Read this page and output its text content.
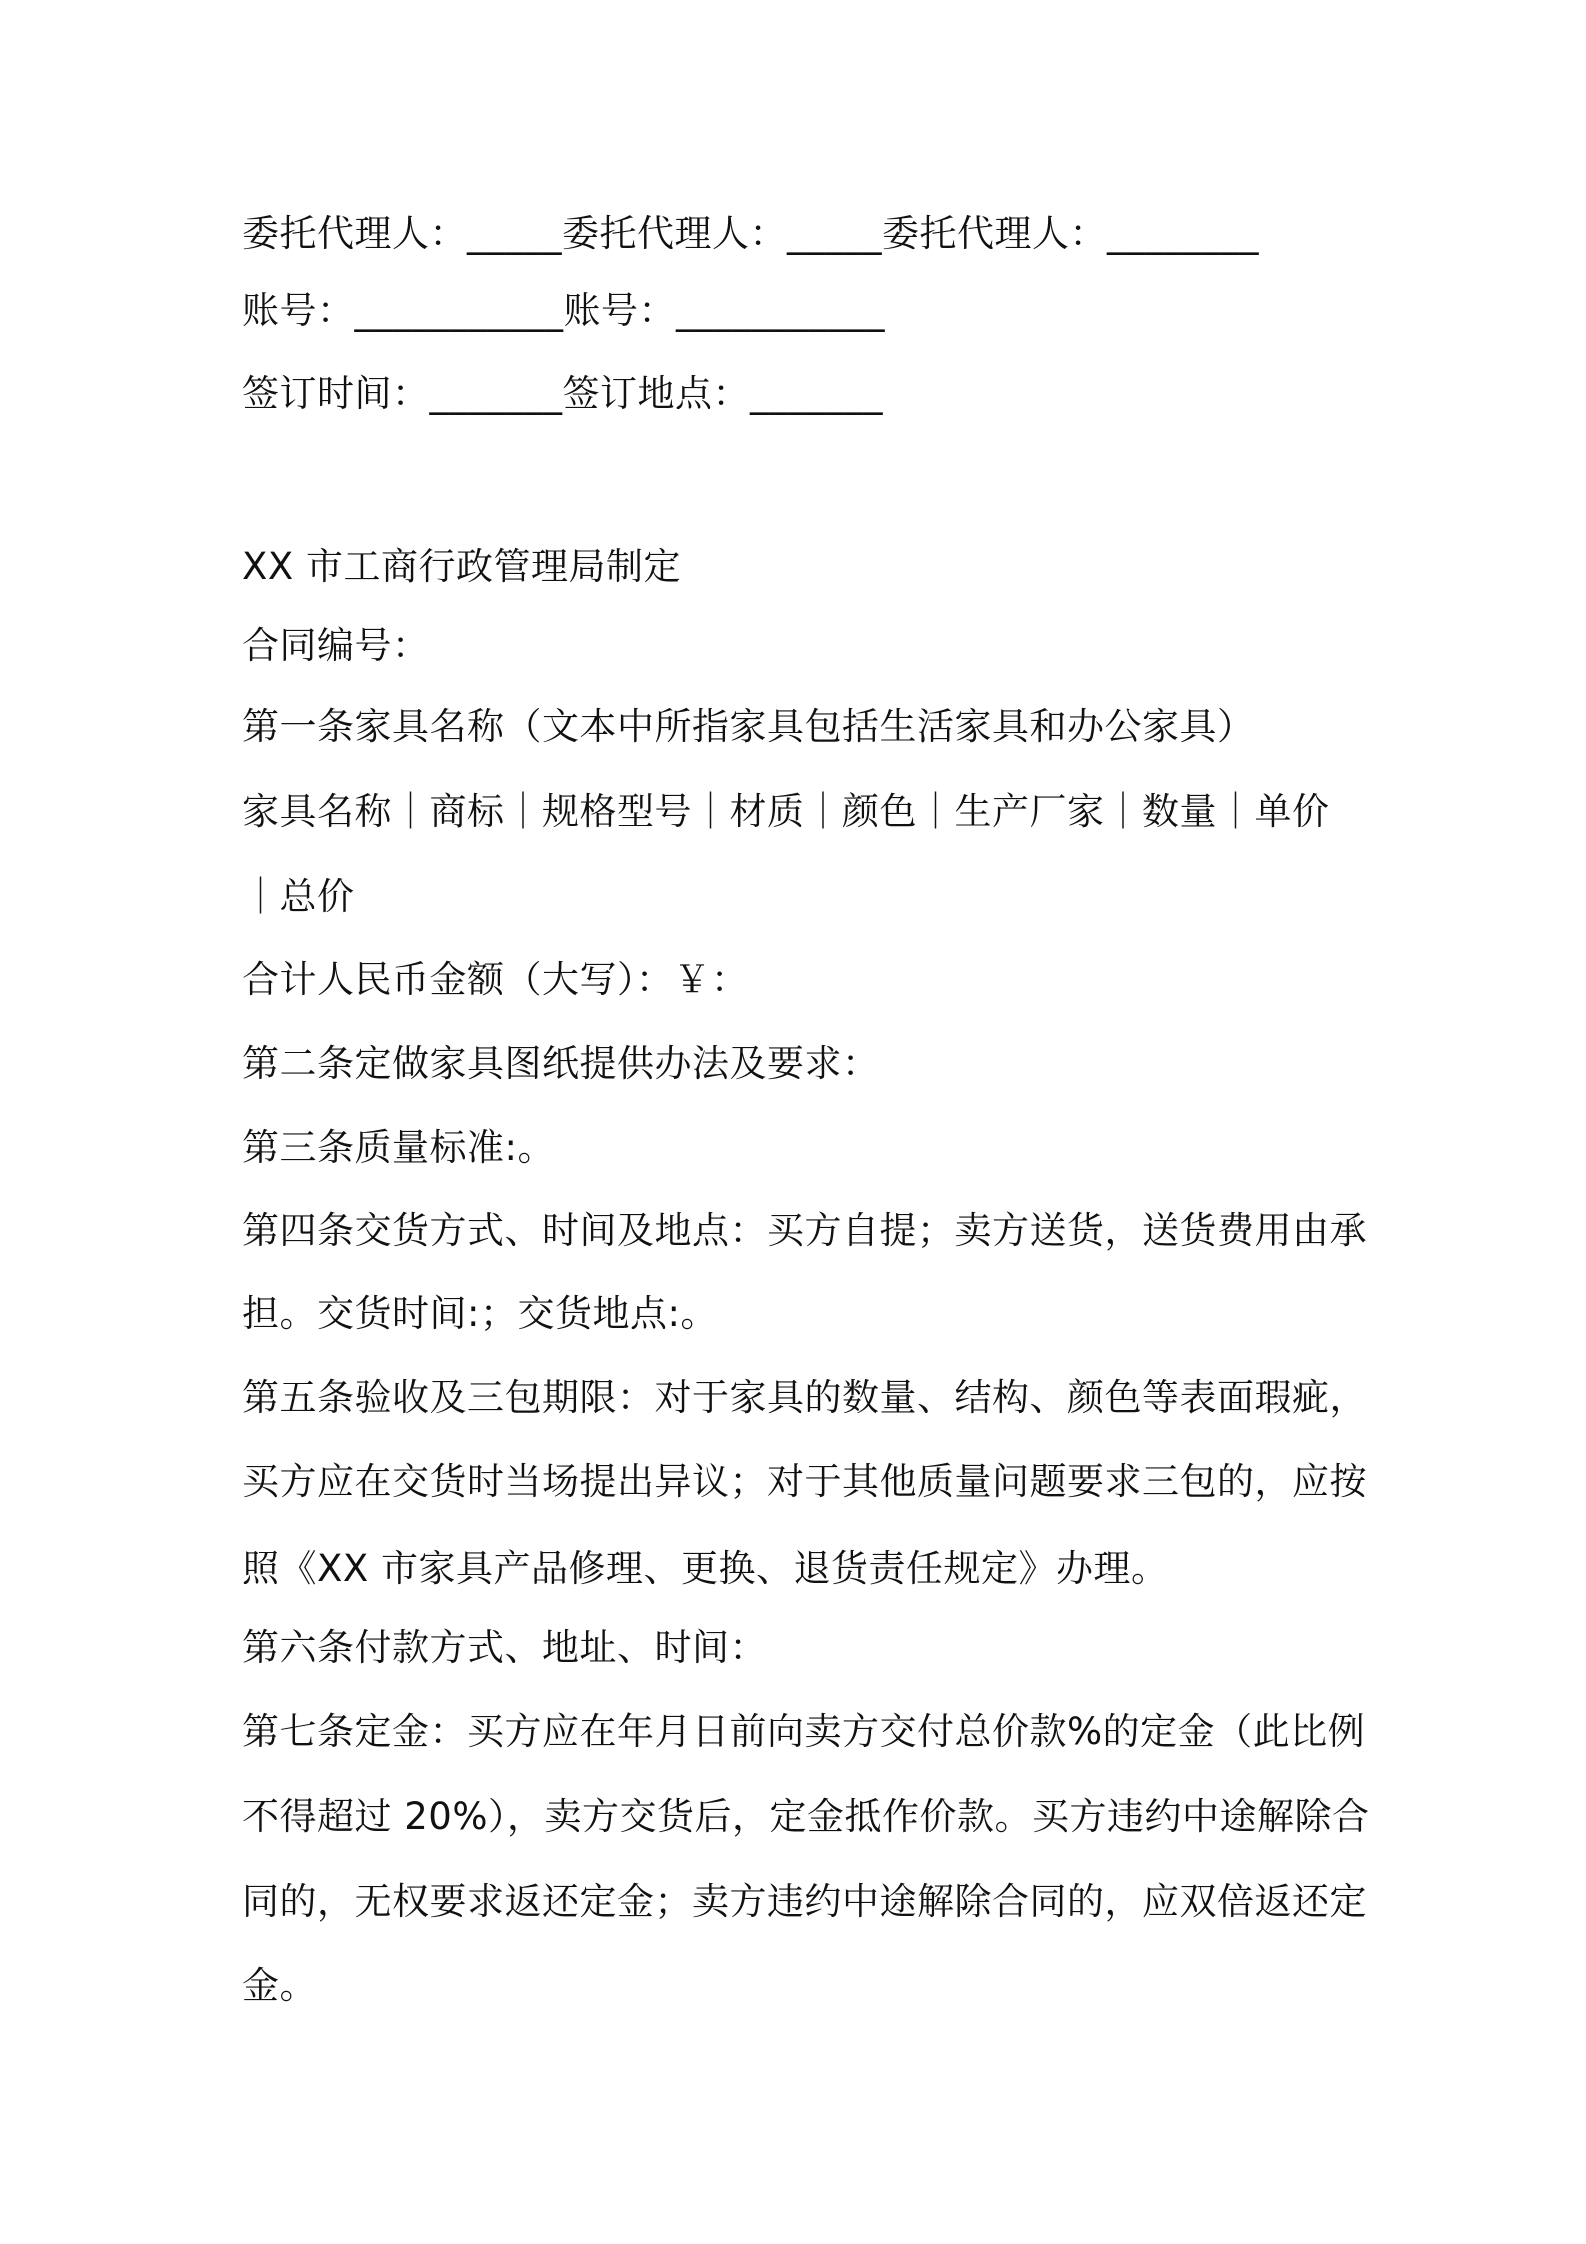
委托代理人：_____委托代理人：_____委托代理人：________
账号：___________账号：___________
签订时间：_______签订地点：_______
XX 市工商行政管理局制定
合同编号：
第一条家具名称（文本中所指家具包括生活家具和办公家具）
家具名称｜商标｜规格型号｜材质｜颜色｜生产厂家｜数量｜单价
｜总价
合计人民币金额（大写）：￥：
第二条定做家具图纸提供办法及要求：
第三条质量标准:。
第四条交货方式、时间及地点：买方自提；卖方送货，送货费用由承
担。交货时间:；交货地点:。
第五条验收及三包期限：对于家具的数量、结构、颜色等表面瑕疵，
买方应在交货时当场提出异议；对于其他质量问题要求三包的，应按
照《XX 市家具产品修理、更换、退货责任规定》办理。
第六条付款方式、地址、时间：
第七条定金：买方应在年月日前向卖方交付总价款%的定金（此比例
不得超过 20%），卖方交货后，定金抵作价款。买方违约中途解除合
同的，无权要求返还定金；卖方违约中途解除合同的，应双倍返还定
金。
